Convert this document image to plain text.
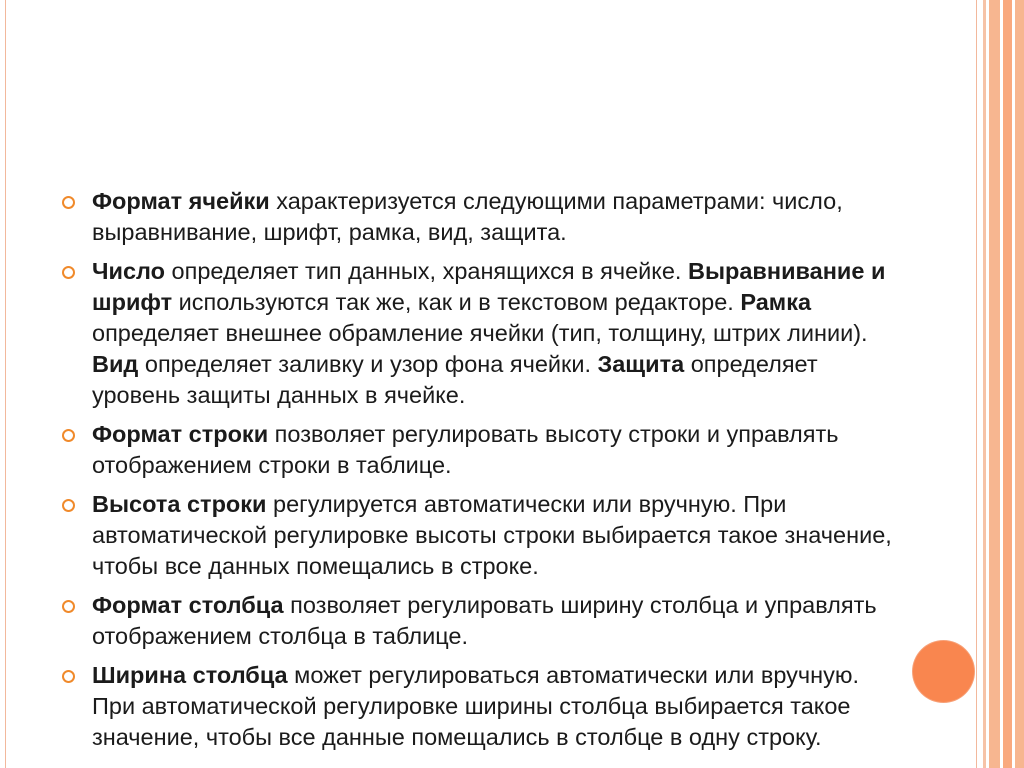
Формат ячейки характеризуется следующими параметрами: число, выравнивание, шрифт, рамка, вид, защита.
Число определяет тип данных, хранящихся в ячейке. Выравнивание и шрифт используются так же, как и в текстовом редакторе. Рамка определяет внешнее обрамление ячейки (тип, толщину, штрих линии). Вид определяет заливку и узор фона ячейки. Защита определяет уровень защиты данных в ячейке.
Формат строки позволяет регулировать высоту строки и управлять отображением строки в таблице.
Высота строки регулируется автоматически или вручную. При автоматической регулировке высоты строки выбирается такое значение, чтобы все данных помещались в строке.
Формат столбца позволяет регулировать ширину столбца и управлять отображением столбца в таблице.
Ширина столбца может регулироваться автоматически или вручную. При автоматической регулировке ширины столбца выбирается такое значение, чтобы все данные помещались в столбце в одну строку.
